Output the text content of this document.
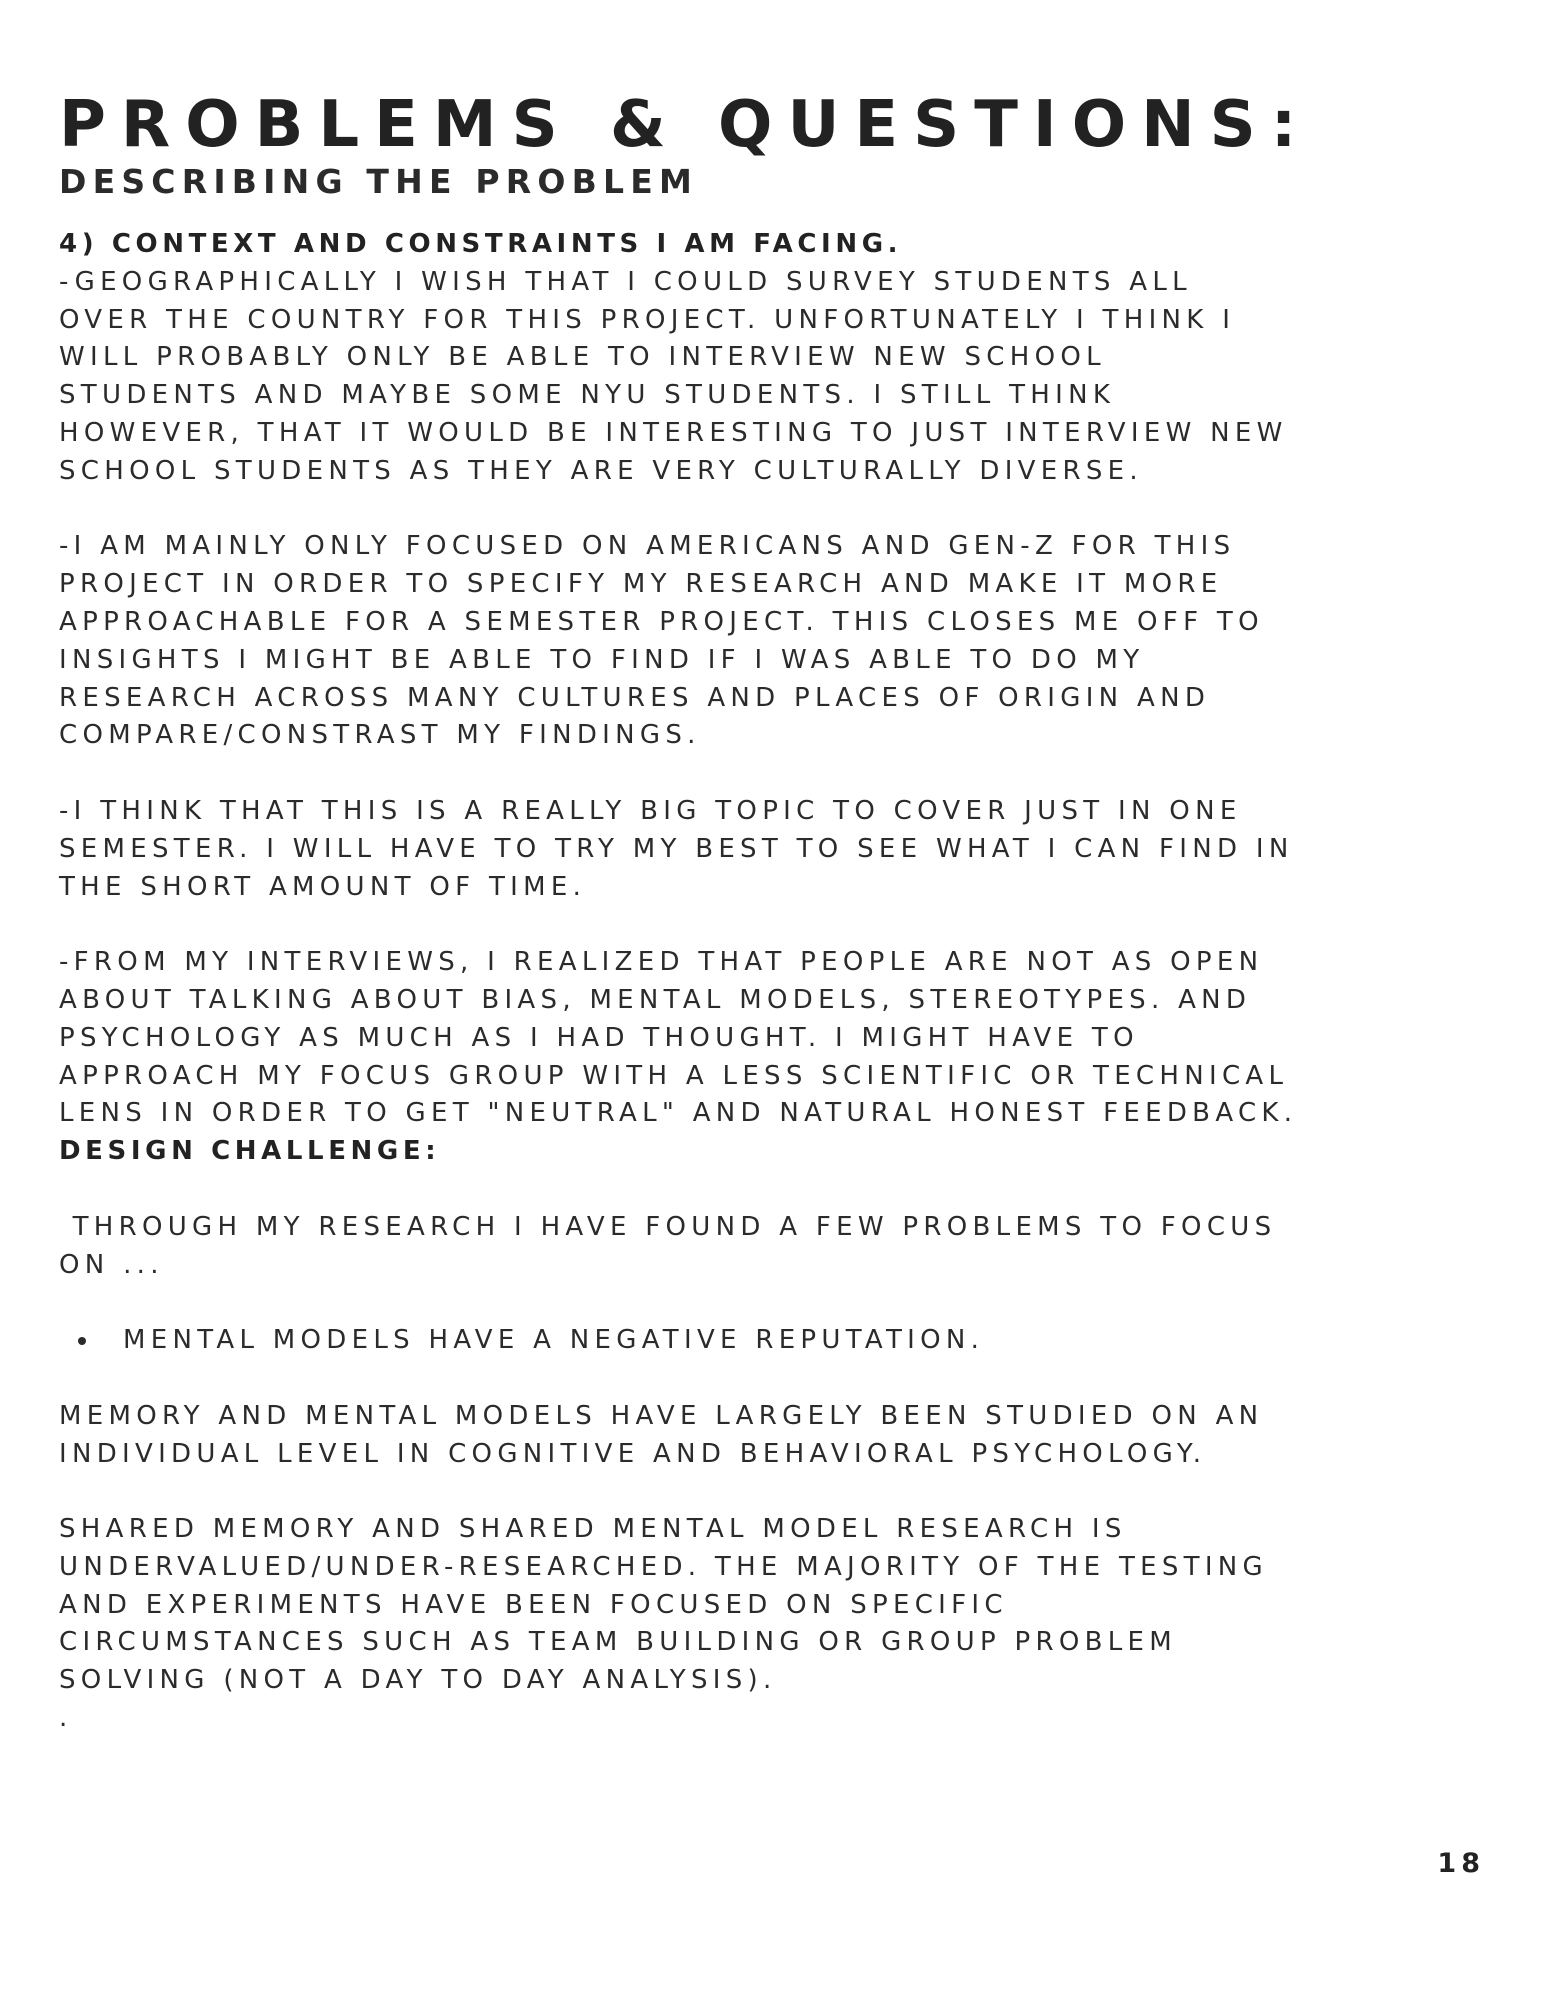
PROBLEMS & QUESTIONS:
DESCRIBING THE PROBLEM

4) CONTEXT AND CONSTRAINTS I AM FACING.

-GEOGRAPHICALLY I WISH THAT I COULD SURVEY STUDENTS ALL

OVER THE COUNTRY FOR THIS PROJECT. UNFORTUNATELY I THINK I

WILL PROBABLY ONLY BE ABLE TO INTERVIEW NEW SCHOOL

STUDENTS AND MAYBE SOME NYU STUDENTS. I STILL THINK

HOWEVER, THAT IT WOULD BE INTERESTING TO JUST INTERVIEW NEW

SCHOOL STUDENTS AS THEY ARE VERY CULTURALLY DIVERSE.

-I AM MAINLY ONLY FOCUSED ON AMERICANS AND GEN-Z FOR THIS

PROJECT IN ORDER TO SPECIFY MY RESEARCH AND MAKE IT MORE

APPROACHABLE FOR A SEMESTER PROJECT. THIS CLOSES ME OFF TO

INSIGHTS I MIGHT BE ABLE TO FIND IF I WAS ABLE TO DO MY

RESEARCH ACROSS MANY CULTURES AND PLACES OF ORIGIN AND

COMPARE/CONSTRAST MY FINDINGS.

-I THINK THAT THIS IS A REALLY BIG TOPIC TO COVER JUST IN ONE

SEMESTER. I WILL HAVE TO TRY MY BEST TO SEE WHAT I CAN FIND IN

THE SHORT AMOUNT OF TIME.

-FROM MY INTERVIEWS, I REALIZED THAT PEOPLE ARE NOT AS OPEN

ABOUT TALKING ABOUT BIAS, MENTAL MODELS, STEREOTYPES. AND

PSYCHOLOGY AS MUCH AS I HAD THOUGHT. I MIGHT HAVE TO

APPROACH MY FOCUS GROUP WITH A LESS SCIENTIFIC OR TECHNICAL

LENS IN ORDER TO GET "NEUTRAL" AND NATURAL HONEST FEEDBACK.

DESIGN CHALLENGE:

THROUGH MY RESEARCH I HAVE FOUND A FEW PROBLEMS TO FOCUS

ON ...

MENTAL MODELS HAVE A NEGATIVE REPUTATION.

MEMORY AND MENTAL MODELS HAVE LARGELY BEEN STUDIED ON AN

INDIVIDUAL LEVEL IN COGNITIVE AND BEHAVIORAL PSYCHOLOGY.

SHARED MEMORY AND SHARED MENTAL MODEL RESEARCH IS

UNDERVALUED/UNDER-RESEARCHED. THE MAJORITY OF THE TESTING

AND EXPERIMENTS HAVE BEEN FOCUSED ON SPECIFIC

CIRCUMSTANCES SUCH AS TEAM BUILDING OR GROUP PROBLEM

SOLVING (NOT A DAY TO DAY ANALYSIS).

.

18
